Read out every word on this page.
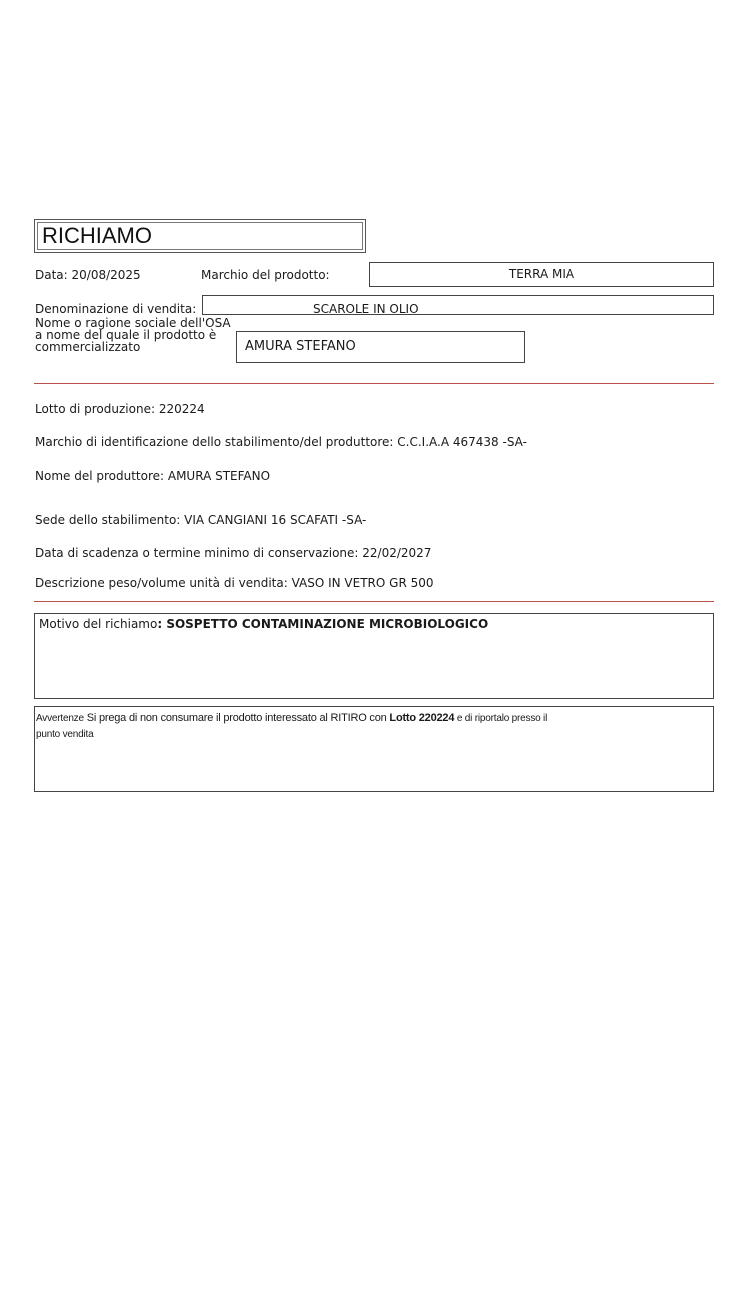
RICHIAMO
Data: 20/08/2025	Marchio del prodotto:	TERRA MIA
Denominazione di vendita:	SCAROLE IN OLIO
Nome o ragione sociale dell'OSA
a nome del quale il prodotto è
commercializzato	AMURA STEFANO
Lotto di produzione: 220224
Marchio di identificazione dello stabilimento/del produttore: C.C.I.A.A 467438 -SA-
Nome del produttore: AMURA STEFANO
Sede dello stabilimento: VIA CANGIANI 16 SCAFATI -SA-
Data di scadenza o termine minimo di conservazione: 22/02/2027
Descrizione peso/volume unità di vendita: VASO IN VETRO GR 500
Motivo del richiamo: SOSPETTO CONTAMINAZIONE MICROBIOLOGICO
Avvertenze Si prega di non consumare il prodotto interessato al RITIRO con Lotto 220224 e di riportalo presso il
punto vendita
